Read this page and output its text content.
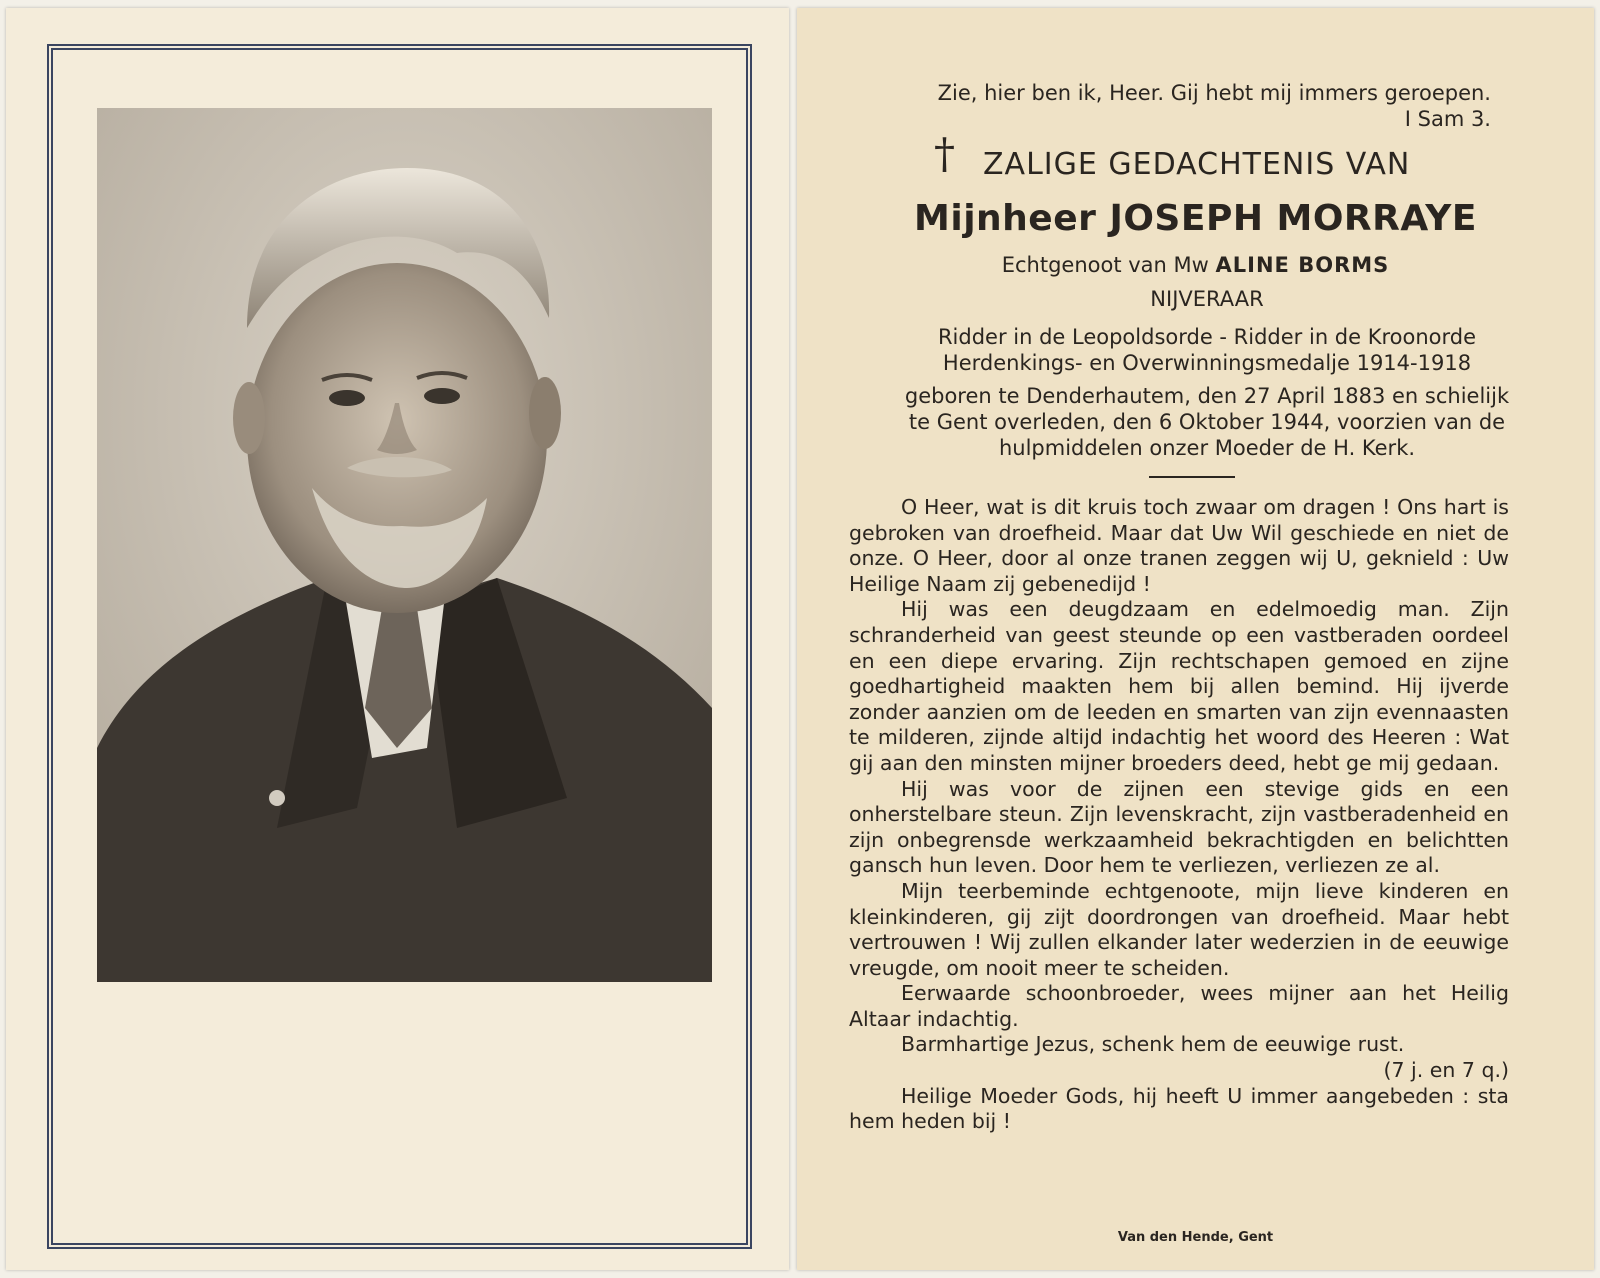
Zie, hier ben ik, Heer. Gij hebt mij immers geroepen.
I Sam 3.
† ZALIGE GEDACHTENIS VAN
Mijnheer JOSEPH MORRAYE
Echtgenoot van Mw ALINE BORMS
NIJVERAAR
Ridder in de Leopoldsorde - Ridder in de Kroonorde
Herdenkings- en Overwinningsmedalje 1914-1918
geboren te Denderhautem, den 27 April 1883 en schielijk
te Gent overleden, den 6 Oktober 1944, voorzien van de
hulpmiddelen onzer Moeder de H. Kerk.

O Heer, wat is dit kruis toch zwaar om dragen ! Ons hart is gebroken van droefheid. Maar dat Uw Wil geschiede en niet de onze. O Heer, door al onze tranen zeggen wij U, geknield : Uw Heilige Naam zij gebenedijd !

Hij was een deugdzaam en edelmoedig man. Zijn schranderheid van geest steunde op een vastberaden oordeel en een diepe ervaring. Zijn rechtschapen gemoed en zijne goedhartigheid maakten hem bij allen bemind. Hij ijverde zonder aanzien om de leeden en smarten van zijn evennaasten te milderen, zijnde altijd indachtig het woord des Heeren : Wat gij aan den minsten mijner broeders deed, hebt ge mij gedaan.

Hij was voor de zijnen een stevige gids en een onherstelbare steun. Zijn levenskracht, zijn vastberadenheid en zijn onbegrensde werkzaamheid bekrachtigden en belichtten gansch hun leven. Door hem te verliezen, verliezen ze al.

Mijn teerbeminde echtgenoote, mijn lieve kinderen en kleinkinderen, gij zijt doordrongen van droefheid. Maar hebt vertrouwen ! Wij zullen elkander later wederzien in de eeuwige vreugde, om nooit meer te scheiden.

Eerwaarde schoonbroeder, wees mijner aan het Heilig Altaar indachtig.

Barmhartige Jezus, schenk hem de eeuwige rust.

(7 j. en 7 q.)

Heilige Moeder Gods, hij heeft U immer aangebeden : sta hem heden bij !

Van den Hende, Gent
